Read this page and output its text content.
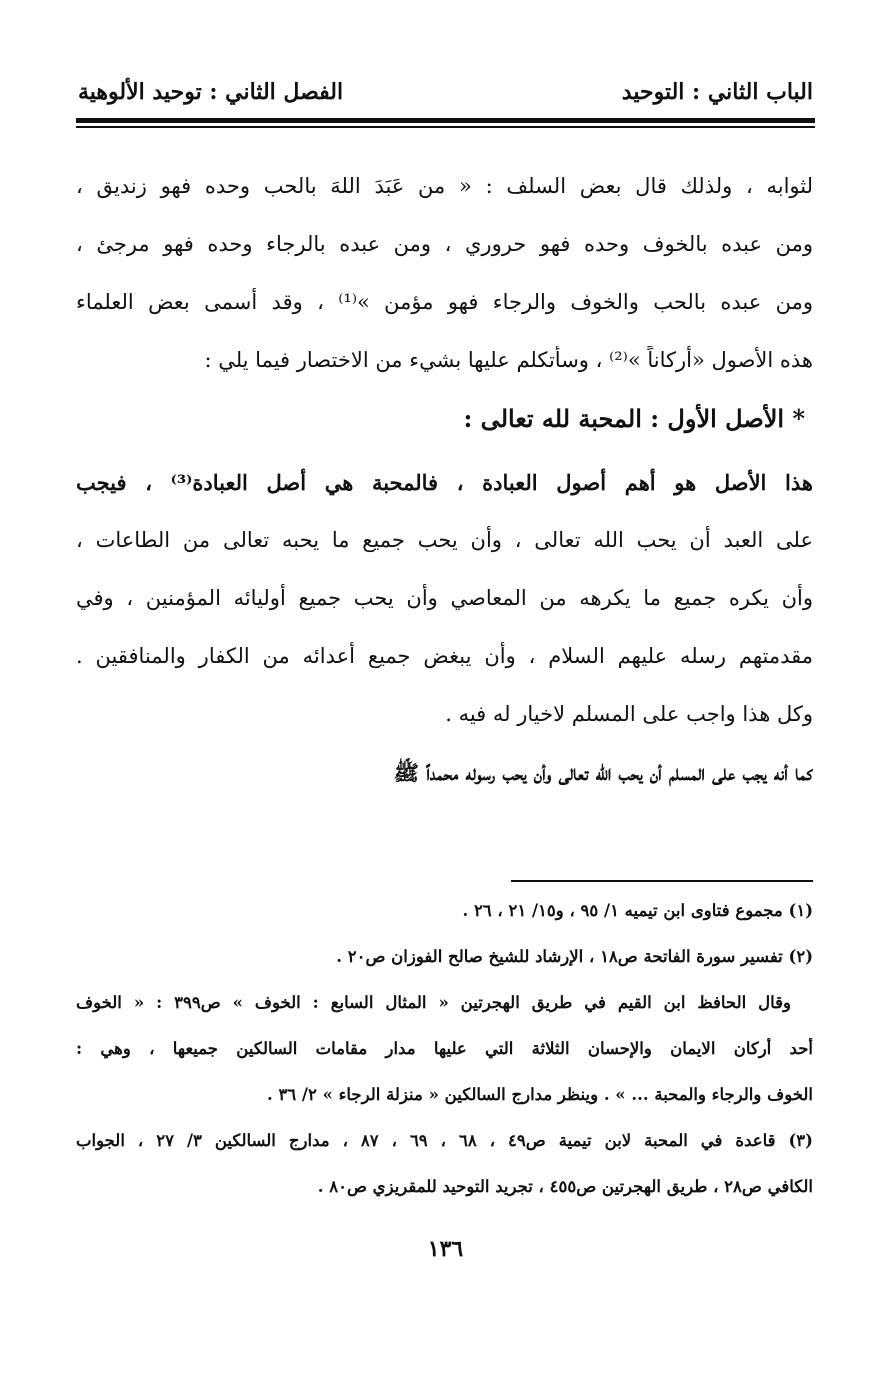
الباب الثاني : التوحيد
الفصل الثاني : توحيد الألوهية
لثوابه ، ولذلك قال بعض السلف : « من عَبَدَ اللهَ بالحب وحده فهو زنديق ،
ومن عبده بالخوف وحده فهو حروري ، ومن عبده بالرجاء وحده فهو مرجئ ،
ومن عبده بالحب والخوف والرجاء فهو مؤمن »⁽¹⁾ ، وقد أسمى بعض العلماء
هذه الأصول «أركاناً »⁽²⁾ ، وسأتكلم عليها بشيء من الاختصار فيما يلي :
* الأصل الأول : المحبة لله تعالى :
هذا الأصل هو أهم أصول العبادة ، فالمحبة هي أصل العبادة⁽³⁾ ، فيجب
على العبد أن يحب الله تعالى ، وأن يحب جميع ما يحبه تعالى من الطاعات ،
وأن يكره جميع ما يكرهه من المعاصي وأن يحب جميع أوليائه المؤمنين ، وفي
مقدمتهم رسله عليهم السلام ، وأن يبغض جميع أعدائه من الكفار والمنافقين .
وكل هذا واجب على المسلم لاخيار له فيه .
كما أنه يجب على المسلم أن يحب الله تعالى وأن يحب رسوله محمداً ﷺ
(١) مجموع فتاوى ابن تيميه ١/ ٩٥ ، و١٥/ ٢١ ، ٢٦ .
(٢) تفسير سورة الفاتحة ص١٨ ، الإرشاد للشيخ صالح الفوزان ص٢٠ .
وقال الحافظ ابن القيم في طريق الهجرتين « المثال السابع : الخوف » ص٣٩٩ : « الخوف
أحد أركان الايمان والإحسان الثلاثة التي عليها مدار مقامات السالكين جميعها ، وهي :
الخوف والرجاء والمحبة ... » . وينظر مدارج السالكين « منزلة الرجاء » ٢/ ٣٦ .
(٣) قاعدة في المحبة لابن تيمية ص٤٩ ، ٦٨ ، ٦٩ ، ٨٧ ، مدارج السالكين ٣/ ٢٧ ، الجواب
الكافي ص٢٨ ، طريق الهجرتين ص٤٥٥ ، تجريد التوحيد للمقريزي ص٨٠ .
١٣٦
